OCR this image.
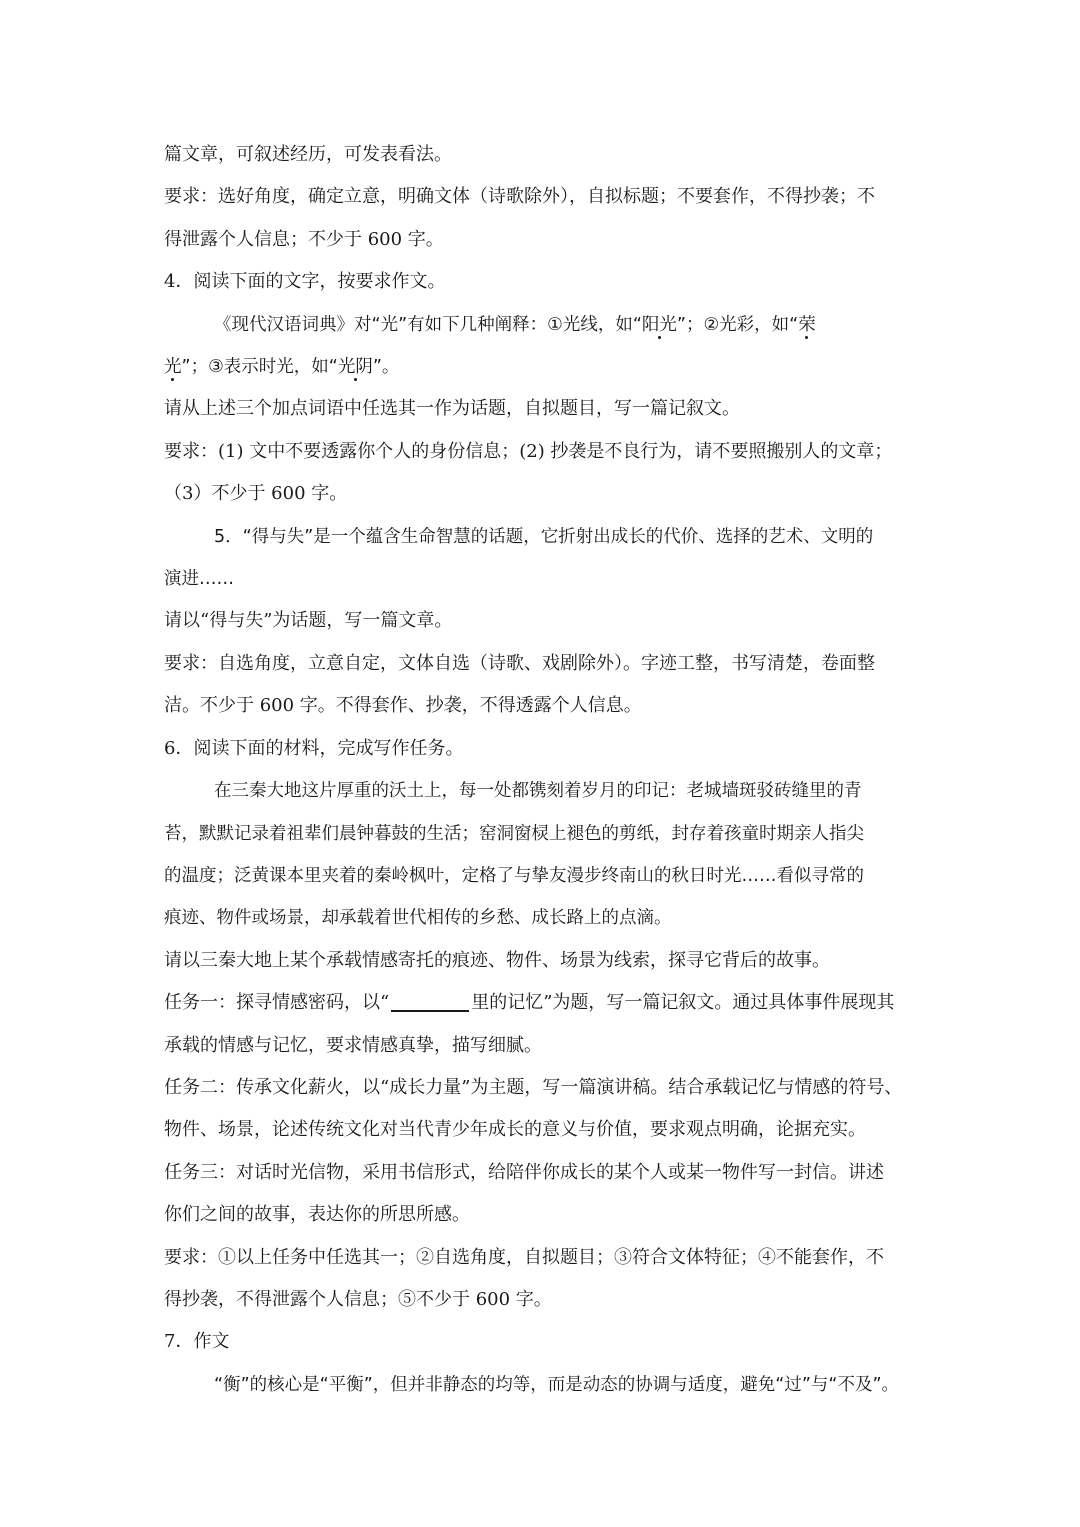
篇文章，可叙述经历，可发表看法。

要求：选好角度，确定立意，明确文体（诗歌除外），自拟标题；不要套作，不得抄袭；不

得泄露个人信息；不少于 600 字。

4．阅读下面的文字，按要求作文。

《现代汉语词典》对“光”有如下几种阐释：①光线，如“阳光”；②光彩，如“荣

光”；③表示时光，如“光阴”。

请从上述三个加点词语中任选其一作为话题，自拟题目，写一篇记叙文。

要求：(1) 文中不要透露你个人的身份信息；(2) 抄袭是不良行为，请不要照搬别人的文章；

（3）不少于 600 字。

5．“得与失”是一个蕴含生命智慧的话题，它折射出成长的代价、选择的艺术、文明的

演进……

请以“得与失”为话题，写一篇文章。

要求：自选角度，立意自定，文体自选（诗歌、戏剧除外）。字迹工整，书写清楚，卷面整

洁。不少于 600 字。不得套作、抄袭，不得透露个人信息。

6．阅读下面的材料，完成写作任务。

在三秦大地这片厚重的沃土上，每一处都镌刻着岁月的印记：老城墙斑驳砖缝里的青

苔，默默记录着祖辈们晨钟暮鼓的生活；窑洞窗棂上褪色的剪纸，封存着孩童时期亲人指尖

的温度；泛黄课本里夹着的秦岭枫叶，定格了与挚友漫步终南山的秋日时光……看似寻常的

痕迹、物件或场景，却承载着世代相传的乡愁、成长路上的点滴。

请以三秦大地上某个承载情感寄托的痕迹、物件、场景为线索，探寻它背后的故事。

任务一：探寻情感密码，以“	里的记忆”为题，写一篇记叙文。通过具体事件展现其

承载的情感与记忆，要求情感真挚，描写细腻。

任务二：传承文化薪火，以“成长力量”为主题，写一篇演讲稿。结合承载记忆与情感的符号、

物件、场景，论述传统文化对当代青少年成长的意义与价值，要求观点明确，论据充实。

任务三：对话时光信物，采用书信形式，给陪伴你成长的某个人或某一物件写一封信。讲述

你们之间的故事，表达你的所思所感。

要求：①以上任务中任选其一；②自选角度，自拟题目；③符合文体特征；④不能套作，不

得抄袭，不得泄露个人信息；⑤不少于 600 字。

7．作文

“衡”的核心是“平衡”，但并非静态的均等，而是动态的协调与适度，避免“过”与“不及”。
